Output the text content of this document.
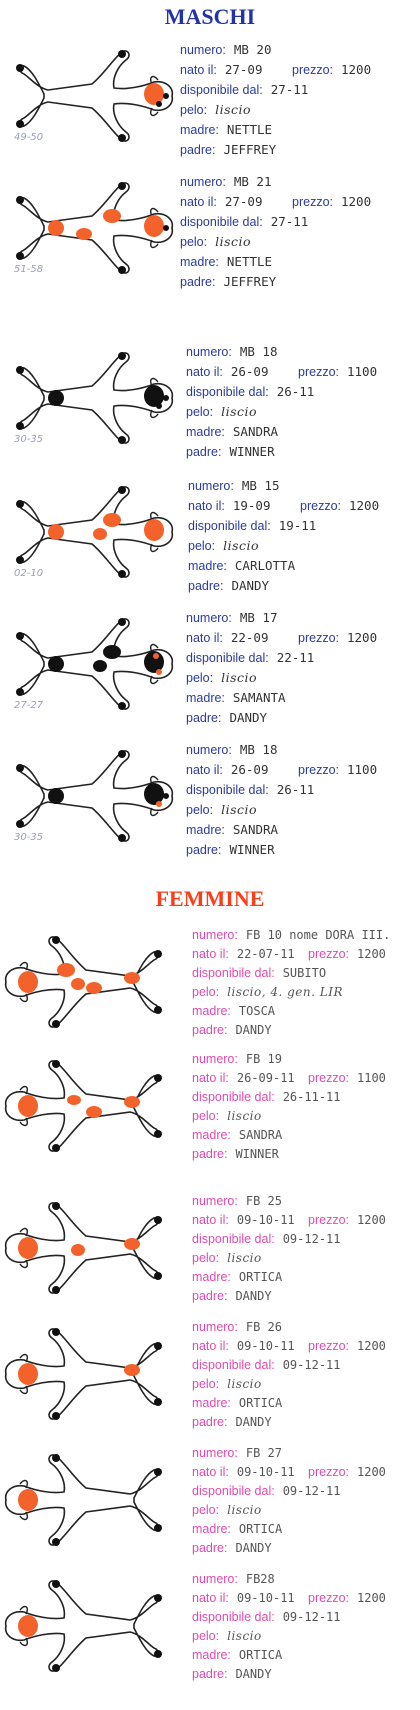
MASCHI
FEMMINE
49-50
numero: MB 20
nato il: 27-09 prezzo: 1200
disponibile dal: 27-11
pelo: liscio
madre: NETTLE
padre: JEFFREY
51-58
numero: MB 21
nato il: 27-09 prezzo: 1200
disponibile dal: 27-11
pelo: liscio
madre: NETTLE
padre: JEFFREY
30-35
numero: MB 18
nato il: 26-09 prezzo: 1100
disponibile dal: 26-11
pelo: liscio
madre: SANDRA
padre: WINNER
02-10
numero: MB 15
nato il: 19-09 prezzo: 1200
disponibile dal: 19-11
pelo: liscio
madre: CARLOTTA
padre: DANDY
27-27
numero: MB 17
nato il: 22-09 prezzo: 1200
disponibile dal: 22-11
pelo: liscio
madre: SAMANTA
padre: DANDY
30-35
numero: MB 18
nato il: 26-09 prezzo: 1100
disponibile dal: 26-11
pelo: liscio
madre: SANDRA
padre: WINNER
numero: FB 10 nome DORA III.
nato il: 22-07-11 prezzo: 1200
disponibile dal: SUBITO
pelo: liscio, 4. gen. LIR
madre: TOSCA
padre: DANDY
numero: FB 19
nato il: 26-09-11 prezzo: 1100
disponibile dal: 26-11-11
pelo: liscio
madre: SANDRA
padre: WINNER
numero: FB 25
nato il: 09-10-11 prezzo: 1200
disponibile dal: 09-12-11
pelo: liscio
madre: ORTICA
padre: DANDY
numero: FB 26
nato il: 09-10-11 prezzo: 1200
disponibile dal: 09-12-11
pelo: liscio
madre: ORTICA
padre: DANDY
numero: FB 27
nato il: 09-10-11 prezzo: 1200
disponibile dal: 09-12-11
pelo: liscio
madre: ORTICA
padre: DANDY
numero: FB28
nato il: 09-10-11 prezzo: 1200
disponibile dal: 09-12-11
pelo: liscio
madre: ORTICA
padre: DANDY
